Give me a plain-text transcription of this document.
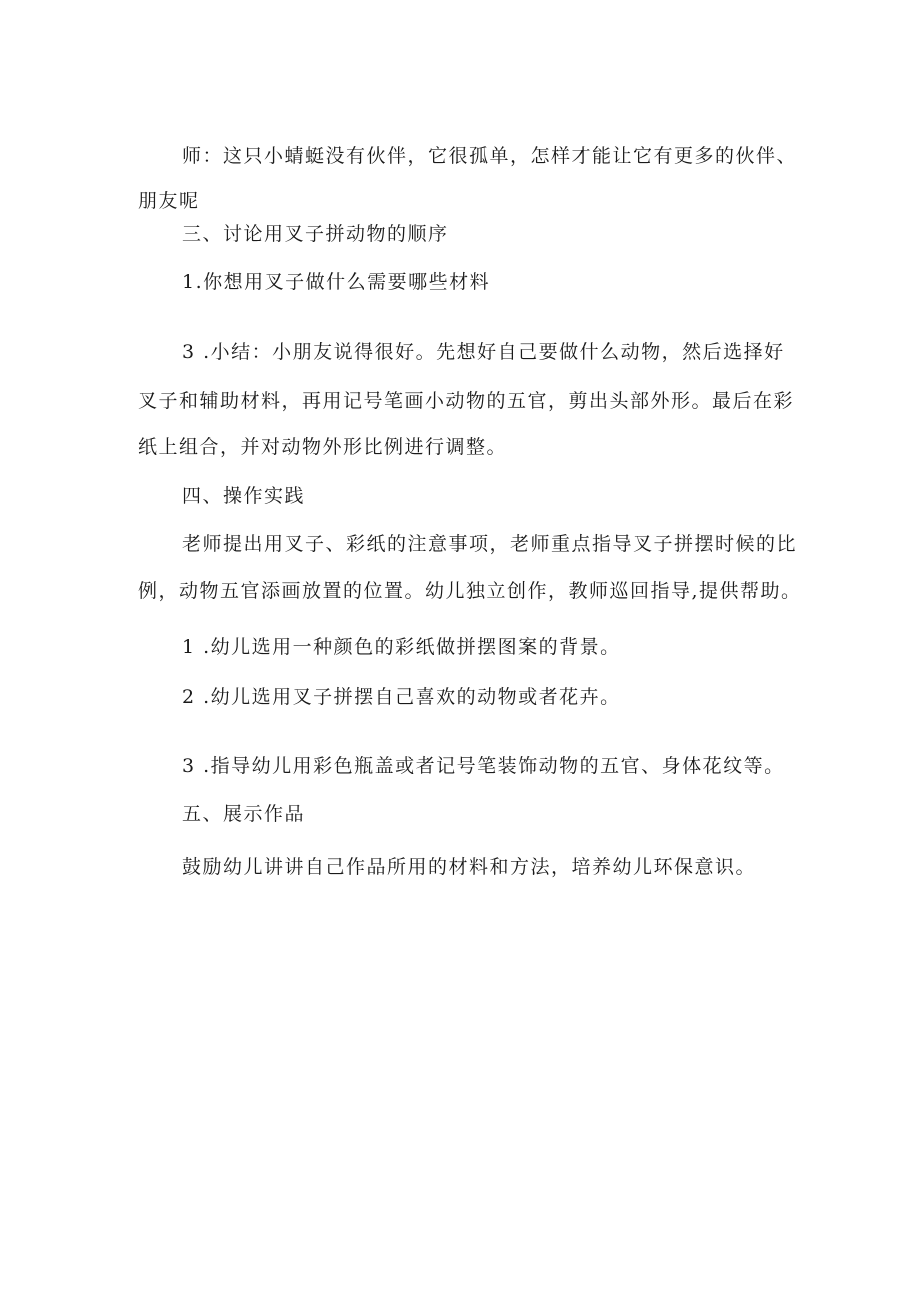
师：这只小蜻蜓没有伙伴，它很孤单，怎样才能让它有更多的伙伴、
朋友呢
三、讨论用叉子拼动物的顺序
1.你想用叉子做什么需要哪些材料
3 .小结：小朋友说得很好。先想好自己要做什么动物，然后选择好
叉子和辅助材料，再用记号笔画小动物的五官，剪出头部外形。最后在彩
纸上组合，并对动物外形比例进行调整。
四、操作实践
老师提出用叉子、彩纸的注意事项，老师重点指导叉子拼摆时候的比
例，动物五官添画放置的位置。幼儿独立创作，教师巡回指导,提供帮助。
1 .幼儿选用一种颜色的彩纸做拼摆图案的背景。
2 .幼儿选用叉子拼摆自己喜欢的动物或者花卉。
3 .指导幼儿用彩色瓶盖或者记号笔装饰动物的五官、身体花纹等。
五、展示作品
鼓励幼儿讲讲自己作品所用的材料和方法，培养幼儿环保意识。
